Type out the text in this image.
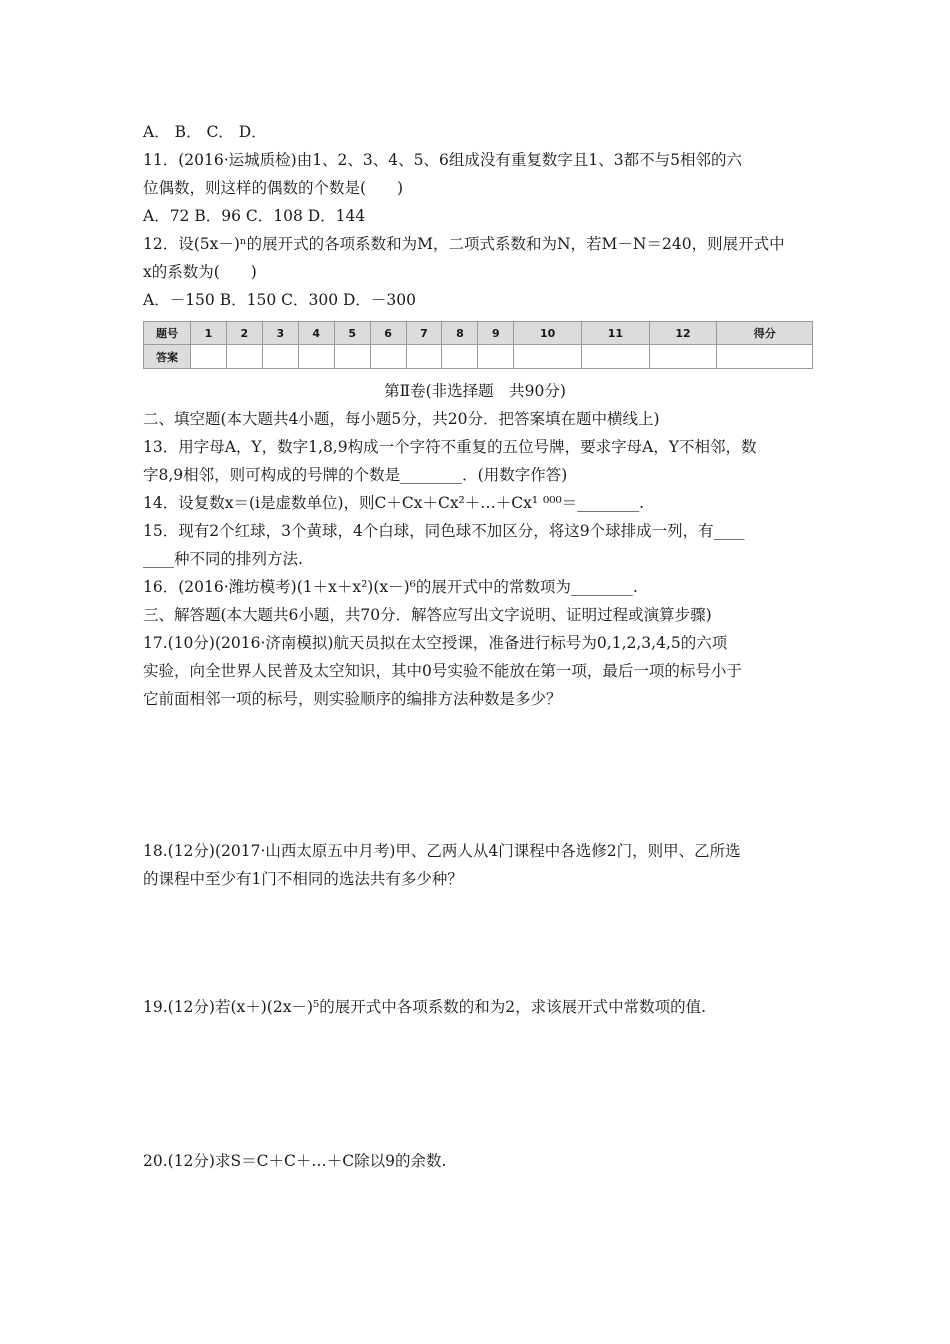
A． B． C． D．
11．(2016·运城质检)由1、2、3、4、5、6组成没有重复数字且1、3都不与5相邻的六
位偶数，则这样的偶数的个数是(　　)
A．72 B．96 C．108 D．144
12．设(5x－)ⁿ的展开式的各项系数和为M，二项式系数和为N，若M－N＝240，则展开式中
x的系数为(　　)
A．－150 B．150 C．300 D．－300
题号	1	2	3	4	5	6	7	8	9	10	11	12	得分
答案													
第Ⅱ卷(非选择题　共90分)
二、填空题(本大题共4小题，每小题5分，共20分．把答案填在题中横线上)
13．用字母A，Y，数字1,8,9构成一个字符不重复的五位号牌，要求字母A，Y不相邻，数
字8,9相邻，则可构成的号牌的个数是________．(用数字作答)
14．设复数x＝(i是虚数单位)，则C＋Cx＋Cx²＋…＋Cx¹ ⁰⁰⁰＝________.
15．现有2个红球，3个黄球，4个白球，同色球不加区分，将这9个球排成一列，有____
____种不同的排列方法.
16．(2016·潍坊模考)(1＋x＋x²)(x－)⁶的展开式中的常数项为________.
三、解答题(本大题共6小题，共70分．解答应写出文字说明、证明过程或演算步骤)
17.(10分)(2016·济南模拟)航天员拟在太空授课，准备进行标号为0,1,2,3,4,5的六项
实验，向全世界人民普及太空知识，其中0号实验不能放在第一项，最后一项的标号小于
它前面相邻一项的标号，则实验顺序的编排方法种数是多少？
18.(12分)(2017·山西太原五中月考)甲、乙两人从4门课程中各选修2门，则甲、乙所选
的课程中至少有1门不相同的选法共有多少种？
19.(12分)若(x＋)(2x－)⁵的展开式中各项系数的和为2，求该展开式中常数项的值.
20.(12分)求S＝C＋C＋…＋C除以9的余数.
